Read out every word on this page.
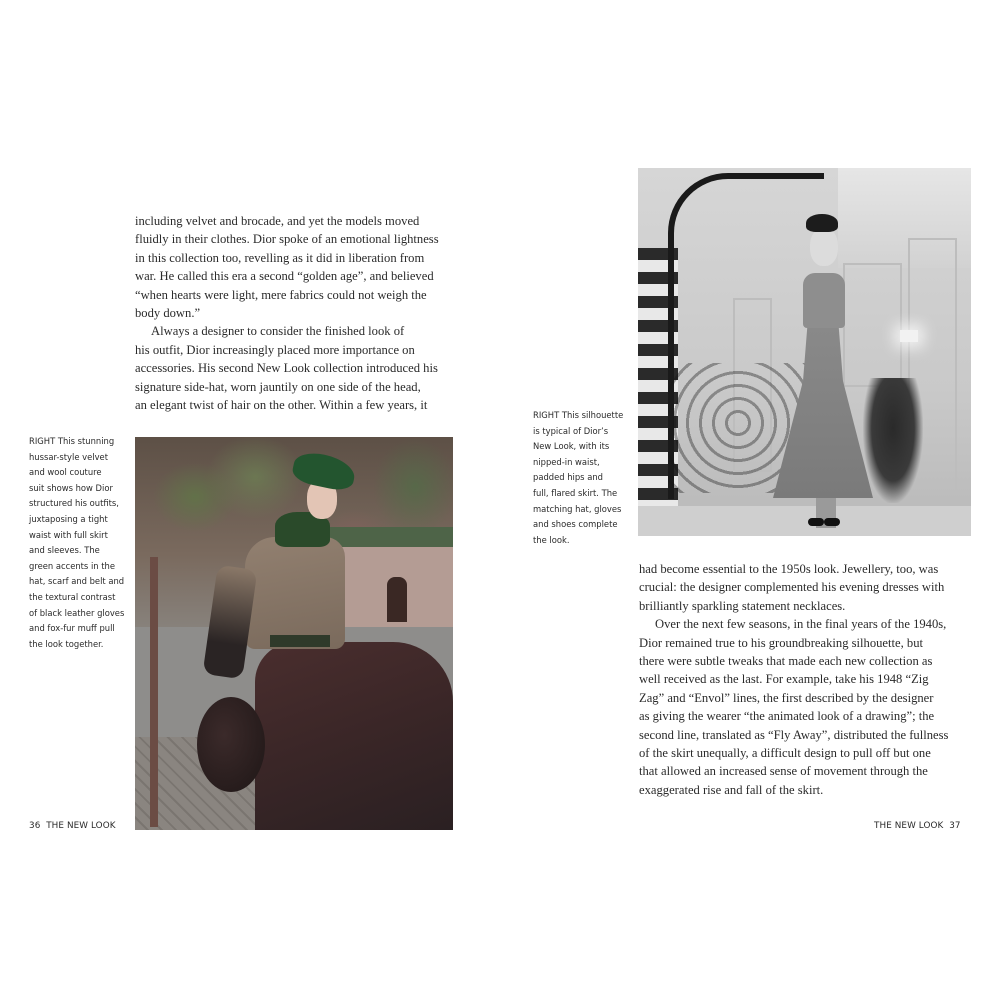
including velvet and brocade, and yet the models moved
fluidly in their clothes. Dior spoke of an emotional lightness
in this collection too, revelling as it did in liberation from
war. He called this era a second “golden age”, and believed
“when hearts were light, mere fabrics could not weigh the
body down.”
Always a designer to consider the finished look of
his outfit, Dior increasingly placed more importance on
accessories. His second New Look collection introduced his
signature side-hat, worn jauntily on one side of the head,
an elegant twist of hair on the other. Within a few years, it
RIGHT This stunning
hussar-style velvet
and wool couture
suit shows how Dior
structured his outfits,
juxtaposing a tight
waist with full skirt
and sleeves. The
green accents in the
hat, scarf and belt and
the textural contrast
of black leather gloves
and fox-fur muff pull
the look together.
36 THE NEW LOOK
RIGHT This silhouette
is typical of Dior’s
New Look, with its
nipped-in waist,
padded hips and
full, flared skirt. The
matching hat, gloves
and shoes complete
the look.
had become essential to the 1950s look. Jewellery, too, was
crucial: the designer complemented his evening dresses with
brilliantly sparkling statement necklaces.
Over the next few seasons, in the final years of the 1940s,
Dior remained true to his groundbreaking silhouette, but
there were subtle tweaks that made each new collection as
well received as the last. For example, take his 1948 “Zig
Zag” and “Envol” lines, the first described by the designer
as giving the wearer “the animated look of a drawing”; the
second line, translated as “Fly Away”, distributed the fullness
of the skirt unequally, a difficult design to pull off but one
that allowed an increased sense of movement through the
exaggerated rise and fall of the skirt.
THE NEW LOOK 37
